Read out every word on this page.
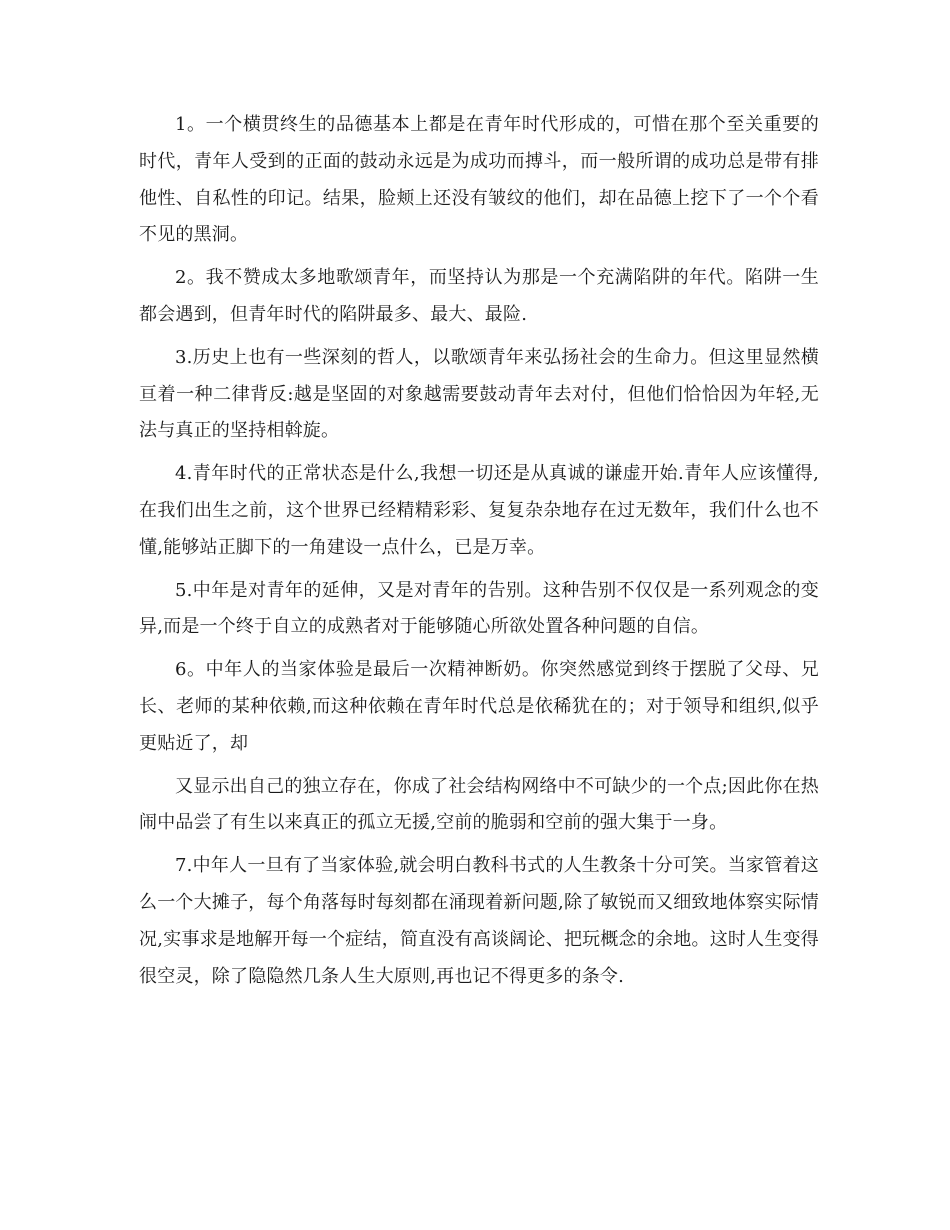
1。一个横贯终生的品德基本上都是在青年时代形成的，可惜在那个至关重要的时代，青年人受到的正面的鼓动永远是为成功而搏斗，而一般所谓的成功总是带有排他性、自私性的印记。结果，脸颊上还没有皱纹的他们，却在品德上挖下了一个个看不见的黑洞。

2。我不赞成太多地歌颂青年，而坚持认为那是一个充满陷阱的年代。陷阱一生都会遇到，但青年时代的陷阱最多、最大、最险.

3.历史上也有一些深刻的哲人，以歌颂青年来弘扬社会的生命力。但这里显然横亘着一种二律背反:越是坚固的对象越需要鼓动青年去对付，但他们恰恰因为年轻,无法与真正的坚持相斡旋。

4.青年时代的正常状态是什么,我想一切还是从真诚的谦虚开始.青年人应该懂得,在我们出生之前，这个世界已经精精彩彩、复复杂杂地存在过无数年，我们什么也不懂,能够站正脚下的一角建设一点什么，已是万幸。

5.中年是对青年的延伸，又是对青年的告别。这种告别不仅仅是一系列观念的变异,而是一个终于自立的成熟者对于能够随心所欲处置各种问题的自信。

6。中年人的当家体验是最后一次精神断奶。你突然感觉到终于摆脱了父母、兄长、老师的某种依赖,而这种依赖在青年时代总是依稀犹在的；对于领导和组织,似乎更贴近了，却

又显示出自己的独立存在，你成了社会结构网络中不可缺少的一个点;因此你在热闹中品尝了有生以来真正的孤立无援,空前的脆弱和空前的强大集于一身。

7.中年人一旦有了当家体验,就会明白教科书式的人生教条十分可笑。当家管着这么一个大摊子，每个角落每时每刻都在涌现着新问题,除了敏锐而又细致地体察实际情况,实事求是地解开每一个症结，简直没有高谈阔论、把玩概念的余地。这时人生变得很空灵，除了隐隐然几条人生大原则,再也记不得更多的条令.
